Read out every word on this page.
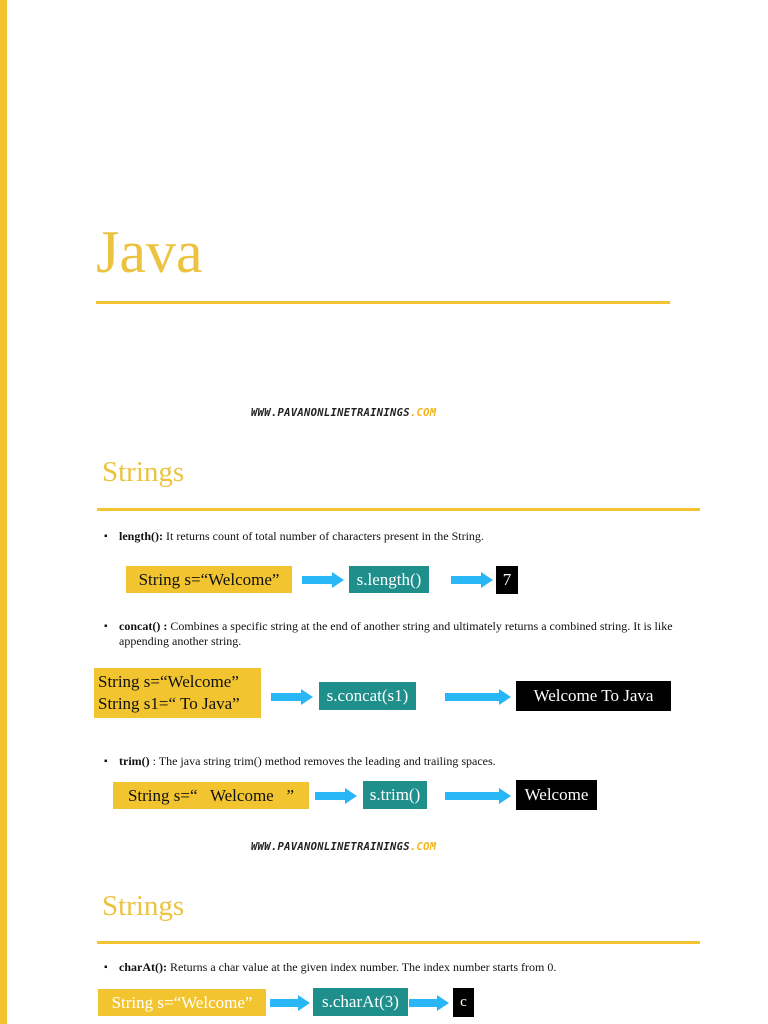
Java
WWW.PAVANONLINETRAININGS.COM
Strings
▪ length(): It returns count of total number of characters present in the String.
String s=“Welcome”	s.length()	7
▪ concat() : Combines a specific string at the end of another string and ultimately returns a combined string. It is like appending another string.
String s=“Welcome”
String s1=“ To Java”	s.concat(s1)	Welcome To Java
▪ trim() : The java string trim() method removes the leading and trailing spaces.
String s=“   Welcome   ”	s.trim()	Welcome
WWW.PAVANONLINETRAININGS.COM
Strings
▪ charAt(): Returns a char value at the given index number. The index number starts from 0.
String s=“Welcome”	s.charAt(3)	c
